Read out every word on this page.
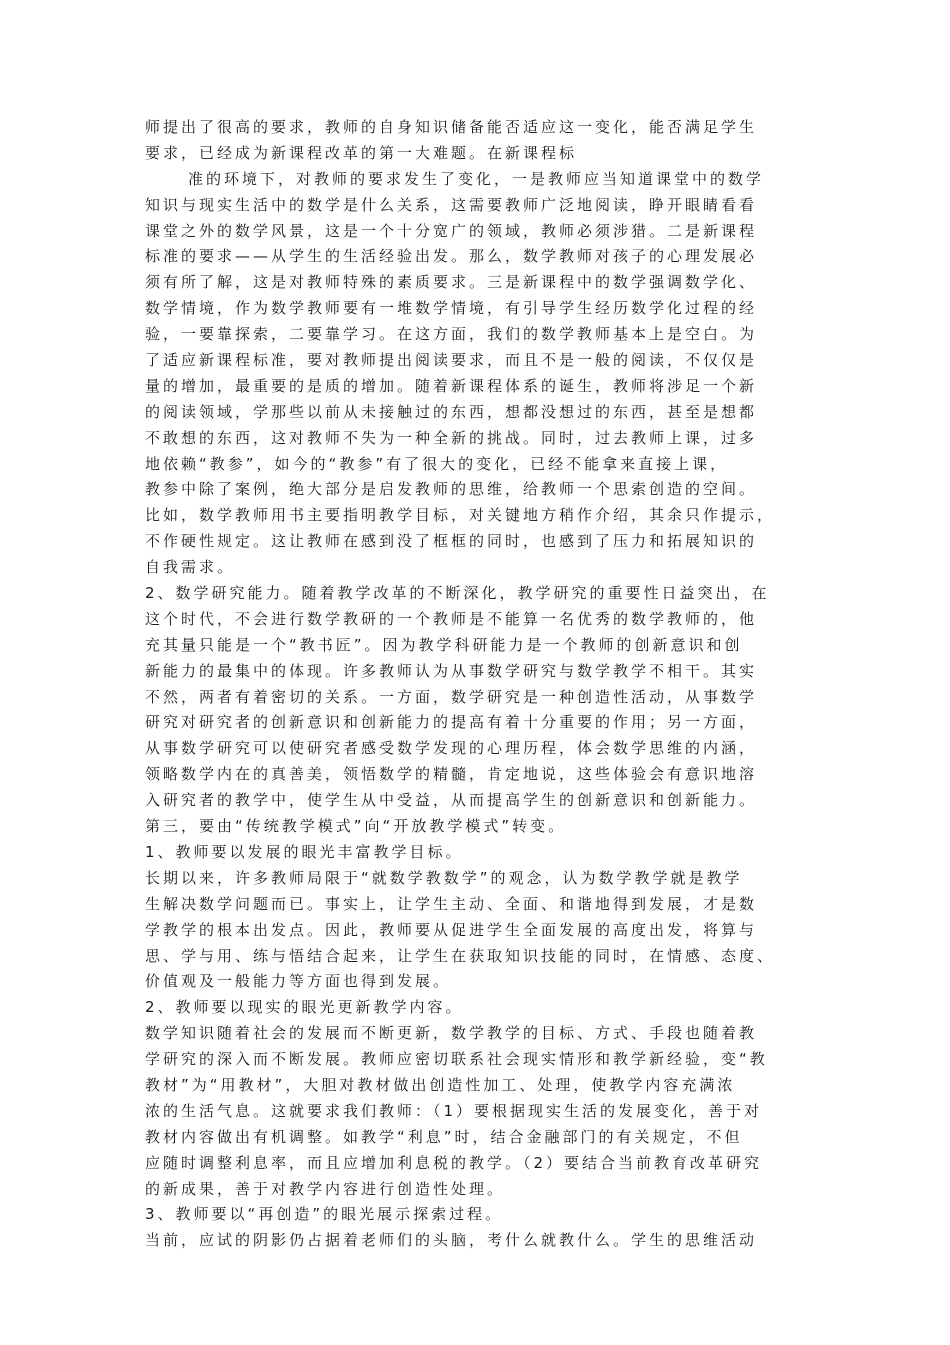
师提出了很高的要求，教师的自身知识储备能否适应这一变化，能否满足学生
要求，已经成为新课程改革的第一大难题。在新课程标
准的环境下，对教师的要求发生了变化，一是教师应当知道课堂中的数学
知识与现实生活中的数学是什么关系，这需要教师广泛地阅读，睁开眼睛看看
课堂之外的数学风景，这是一个十分宽广的领域，教师必须涉猎。二是新课程
标准的要求——从学生的生活经验出发。那么，数学教师对孩子的心理发展必
须有所了解，这是对教师特殊的素质要求。三是新课程中的数学强调数学化、
数学情境，作为数学教师要有一堆数学情境，有引导学生经历数学化过程的经
验，一要靠探索，二要靠学习。在这方面，我们的数学教师基本上是空白。为
了适应新课程标准，要对教师提出阅读要求，而且不是一般的阅读，不仅仅是
量的增加，最重要的是质的增加。随着新课程体系的诞生，教师将涉足一个新
的阅读领域，学那些以前从未接触过的东西，想都没想过的东西，甚至是想都
不敢想的东西，这对教师不失为一种全新的挑战。同时，过去教师上课，过多
地依赖“教参”，如今的“教参”有了很大的变化，已经不能拿来直接上课，
教参中除了案例，绝大部分是启发教师的思维，给教师一个思索创造的空间。
比如，数学教师用书主要指明教学目标，对关键地方稍作介绍，其余只作提示，
不作硬性规定。这让教师在感到没了框框的同时，也感到了压力和拓展知识的
自我需求。
2、数学研究能力。随着教学改革的不断深化，教学研究的重要性日益突出，在
这个时代，不会进行数学教研的一个教师是不能算一名优秀的数学教师的，他
充其量只能是一个“教书匠”。因为教学科研能力是一个教师的创新意识和创
新能力的最集中的体现。许多教师认为从事数学研究与数学教学不相干。其实
不然，两者有着密切的关系。一方面，数学研究是一种创造性活动，从事数学
研究对研究者的创新意识和创新能力的提高有着十分重要的作用；另一方面，
从事数学研究可以使研究者感受数学发现的心理历程，体会数学思维的内涵，
领略数学内在的真善美，领悟数学的精髓，肯定地说，这些体验会有意识地溶
入研究者的教学中，使学生从中受益，从而提高学生的创新意识和创新能力。
第三，要由“传统教学模式”向“开放教学模式”转变。
1、教师要以发展的眼光丰富教学目标。
长期以来，许多教师局限于“就数学教数学”的观念，认为数学教学就是教学
生解决数学问题而已。事实上，让学生主动、全面、和谐地得到发展，才是数
学教学的根本出发点。因此，教师要从促进学生全面发展的高度出发，将算与
思、学与用、练与悟结合起来，让学生在获取知识技能的同时，在情感、态度、
价值观及一般能力等方面也得到发展。
2、教师要以现实的眼光更新教学内容。
数学知识随着社会的发展而不断更新，数学教学的目标、方式、手段也随着教
学研究的深入而不断发展。教师应密切联系社会现实情形和教学新经验，变“教
教材”为“用教材”，大胆对教材做出创造性加工、处理，使教学内容充满浓
浓的生活气息。这就要求我们教师：（1）要根据现实生活的发展变化，善于对
教材内容做出有机调整。如教学“利息”时，结合金融部门的有关规定，不但
应随时调整利息率，而且应增加利息税的教学。（2）要结合当前教育改革研究
的新成果，善于对教学内容进行创造性处理。
3、教师要以“再创造”的眼光展示探索过程。
当前，应试的阴影仍占据着老师们的头脑，考什么就教什么。学生的思维活动
